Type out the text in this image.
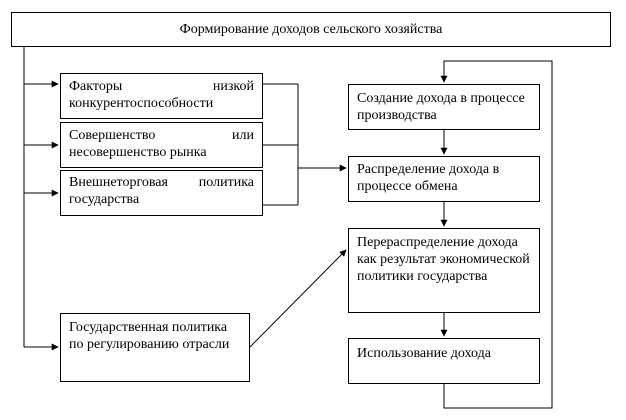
Формирование доходов сельского хозяйства
Факторы низкой конкурентоспособности
Совершенство или несовершенство рынка
Внешнеторговая политика государства
Государственная политика по регулированию отрасли
Создание дохода в процессе производства
Распределение дохода в процессе обмена
Перераспределение дохода как результат экономической политики государства
Использование дохода
